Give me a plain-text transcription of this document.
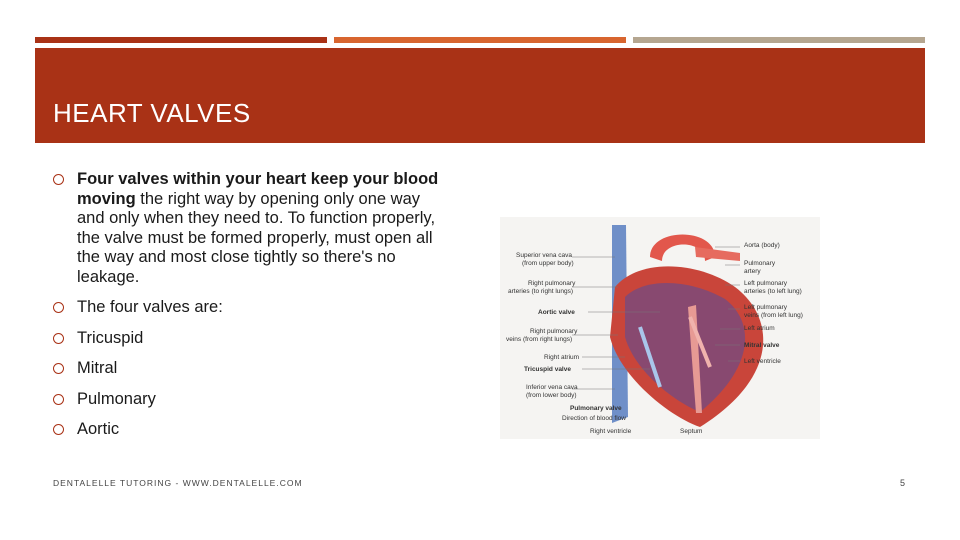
HEART VALVES
Four valves within your heart keep your blood moving the right way by opening only one way and only when they need to. To function properly, the valve must be formed properly, must open all the way and most close tightly so there's no leakage.
The four valves are:
Tricuspid
Mitral
Pulmonary
Aortic
Superior vena cava
(from upper body)
Right pulmonary
arteries (to right lungs)
Aortic valve
Right pulmonary
veins (from right lungs)
Right atrium
Tricuspid valve
Inferior vena cava
(from lower body)
Aorta (body)
Pulmonary
artery
Left pulmonary
arteries (to left lung)
Left pulmonary
veins (from left lung)
Left atrium
Mitral valve
Left ventricle
Pulmonary valve
Direction of blood flow
Right ventricle	Septum
DENTALELLE TUTORING - WWW.DENTALELLE.COM	5
